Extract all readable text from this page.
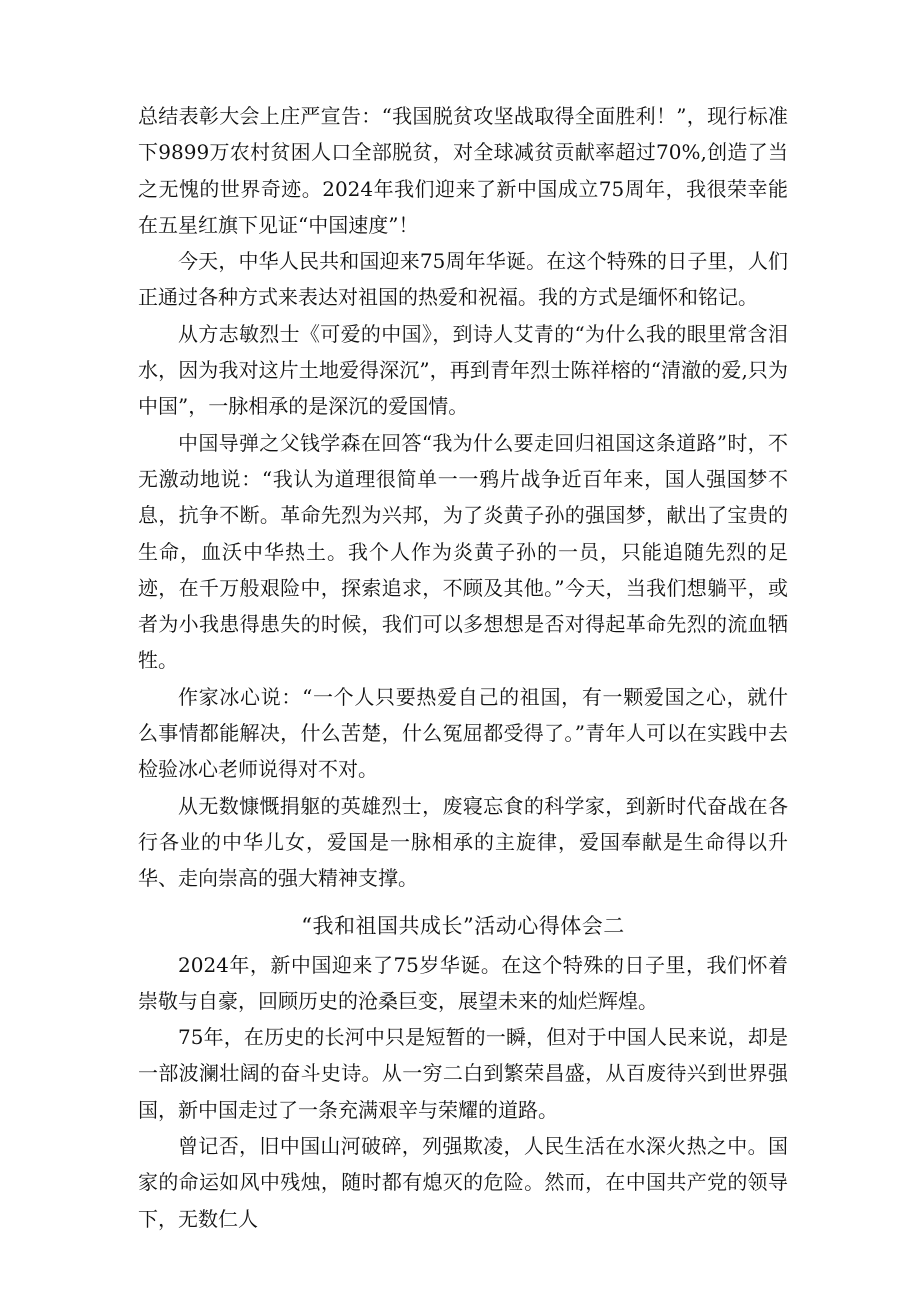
总结表彰大会上庄严宣告：“我国脱贫攻坚战取得全面胜利！”，现行标准下9899万农村贫困人口全部脱贫，对全球减贫贡献率超过70%,创造了当之无愧的世界奇迹。2024年我们迎来了新中国成立75周年，我很荣幸能在五星红旗下见证“中国速度”！

今天，中华人民共和国迎来75周年华诞。在这个特殊的日子里，人们正通过各种方式来表达对祖国的热爱和祝福。我的方式是缅怀和铭记。

从方志敏烈士《可爱的中国》，到诗人艾青的“为什么我的眼里常含泪水，因为我对这片土地爱得深沉”，再到青年烈士陈祥榕的“清澈的爱,只为中国”，一脉相承的是深沉的爱国情。

中国导弹之父钱学森在回答“我为什么要走回归祖国这条道路”时，不无激动地说：“我认为道理很简单一一鸦片战争近百年来，国人强国梦不息，抗争不断。革命先烈为兴邦，为了炎黄子孙的强国梦，献出了宝贵的生命，血沃中华热土。我个人作为炎黄子孙的一员，只能追随先烈的足迹，在千万般艰险中，探索追求，不顾及其他。”今天，当我们想躺平，或者为小我患得患失的时候，我们可以多想想是否对得起革命先烈的流血牺牲。

作家冰心说：“一个人只要热爱自己的祖国，有一颗爱国之心，就什么事情都能解决，什么苦楚，什么冤屈都受得了。”青年人可以在实践中去检验冰心老师说得对不对。

从无数慷慨捐躯的英雄烈士，废寝忘食的科学家，到新时代奋战在各行各业的中华儿女，爱国是一脉相承的主旋律，爱国奉献是生命得以升华、走向崇高的强大精神支撑。

“我和祖国共成长”活动心得体会二

2024年，新中国迎来了75岁华诞。在这个特殊的日子里，我们怀着崇敬与自豪，回顾历史的沧桑巨变，展望未来的灿烂辉煌。

75年，在历史的长河中只是短暂的一瞬，但对于中国人民来说，却是一部波澜壮阔的奋斗史诗。从一穷二白到繁荣昌盛，从百废待兴到世界强国，新中国走过了一条充满艰辛与荣耀的道路。

曾记否，旧中国山河破碎，列强欺凌，人民生活在水深火热之中。国家的命运如风中残烛，随时都有熄灭的危险。然而，在中国共产党的领导下，无数仁人
